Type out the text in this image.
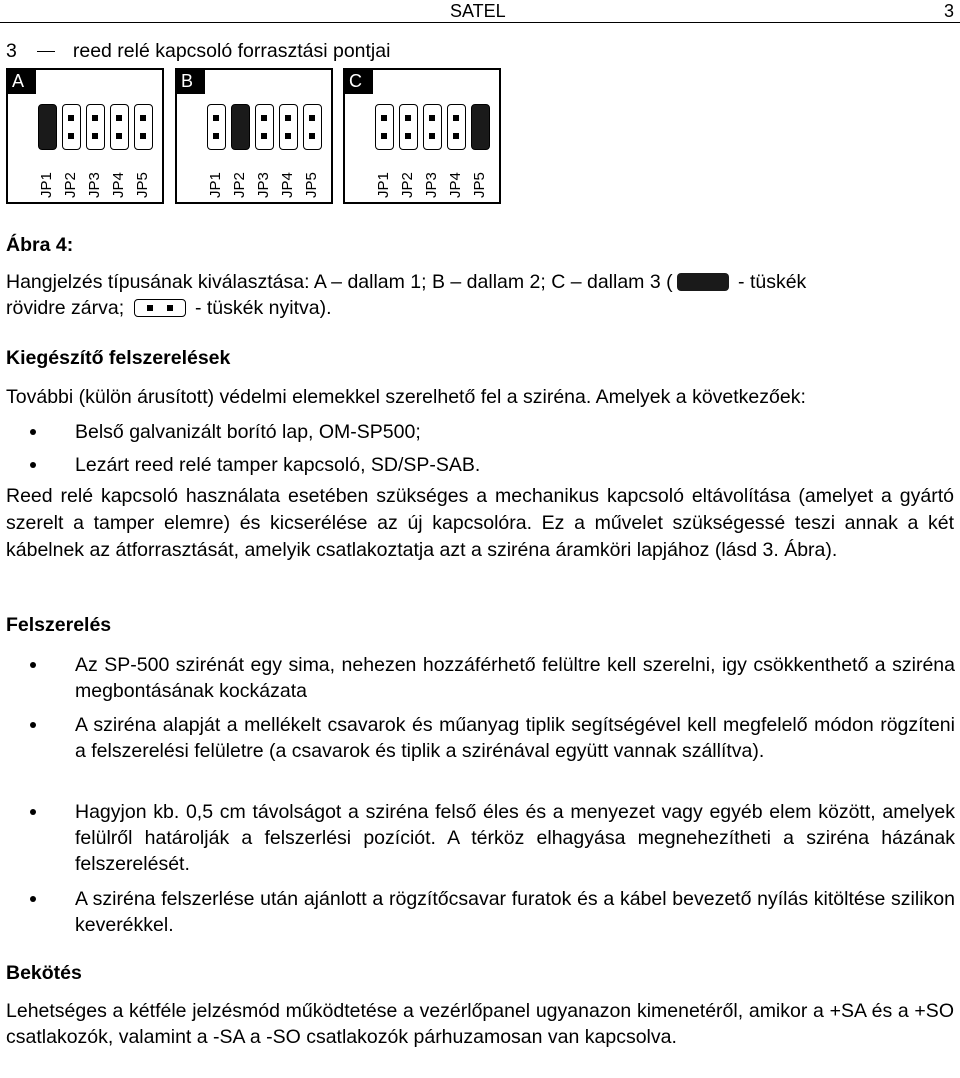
SATEL	3
3	reed relé kapcsoló forrasztási pontjai
A
JP1 JP2 JP3 JP4 JP5
B
JP1 JP2 JP3 JP4 JP5
C
JP1 JP2 JP3 JP4 JP5
Ábra 4:
Hangjelzés típusának kiválasztása: A – dallam 1; B – dallam 2; C – dallam 3 (	- tüskék
rövidre zárva;	- tüskék nyitva).
Kiegészítő felszerelések
További (külön árusított) védelmi elemekkel szerelhető fel a sziréna. Amelyek a következőek:
Belső galvanizált borító lap, OM-SP500;
Lezárt reed relé tamper kapcsoló, SD/SP-SAB.
Reed relé kapcsoló használata esetében szükséges a mechanikus kapcsoló eltávolítása (amelyet a gyártó szerelt a tamper elemre) és kicserélése az új kapcsolóra. Ez a művelet szükségessé teszi annak a két kábelnek az átforrasztását, amelyik csatlakoztatja azt a sziréna áramköri lapjához (lásd 3. Ábra).
Felszerelés
Az SP-500 szirénát egy sima, nehezen hozzáférhető felültre kell szerelni, igy csökkenthető a sziréna megbontásának kockázata
A sziréna alapját a mellékelt csavarok és műanyag tiplik segítségével kell megfelelő módon rögzíteni a felszerelési felületre (a csavarok és tiplik a szirénával együtt vannak szállítva).
Hagyjon kb. 0,5 cm távolságot a sziréna felső éles és a menyezet vagy egyéb elem között, amelyek felülről határolják a felszerlési pozíciót. A térköz elhagyása megnehezítheti a sziréna házának felszerelését.
A sziréna felszerlése után ajánlott a rögzítőcsavar furatok és a kábel bevezető nyílás kitöltése szilikon keverékkel.
Bekötés
Lehetséges a kétféle jelzésmód működtetése a vezérlőpanel ugyanazon kimenetéről, amikor a +SA és a +SO csatlakozók, valamint a -SA a -SO csatlakozók párhuzamosan van kapcsolva.
